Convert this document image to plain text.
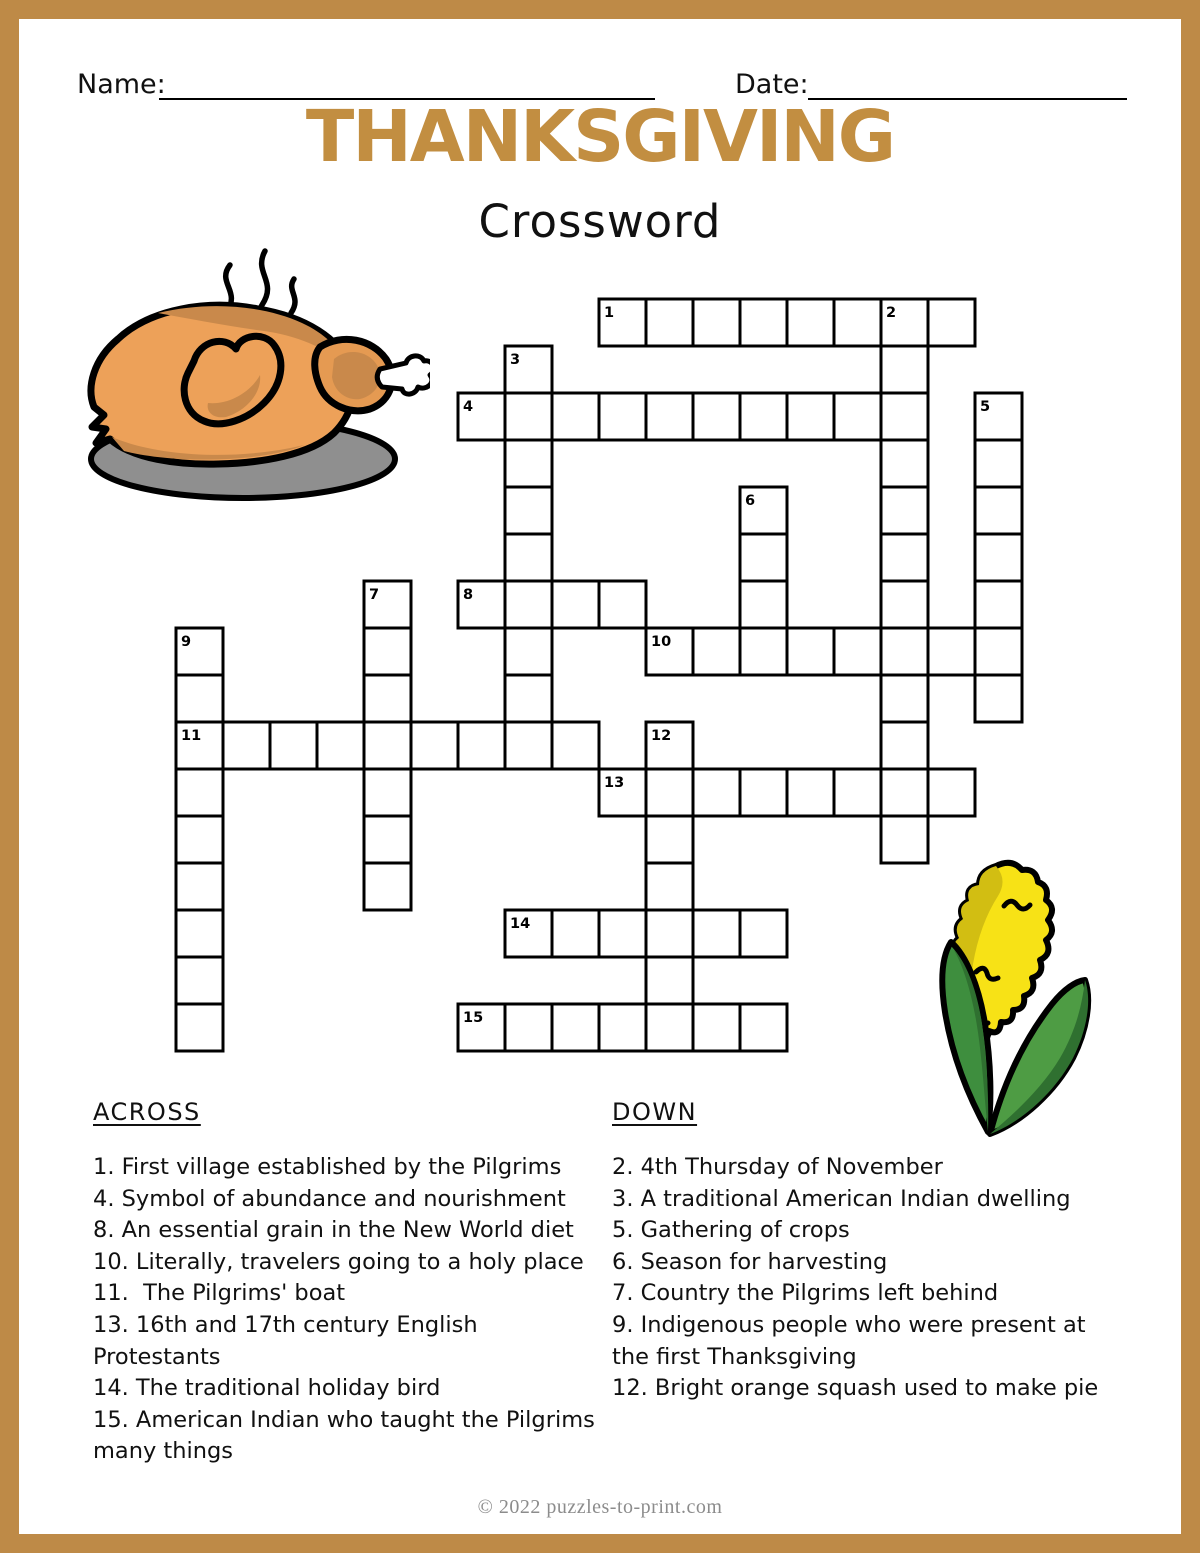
Name:	Date:
THANKSGIVING
Crossword
1	2
3
4	5
6
7	8
9	10
11	12
13
14
15
ACROSS
1. First village established by the Pilgrims
4. Symbol of abundance and nourishment
8. An essential grain in the New World diet
10. Literally, travelers going to a holy place
11.  The Pilgrims' boat
13. 16th and 17th century English
Protestants
14. The traditional holiday bird
15. American Indian who taught the Pilgrims
many things
DOWN
2. 4th Thursday of November
3. A traditional American Indian dwelling
5. Gathering of crops
6. Season for harvesting
7. Country the Pilgrims left behind
9. Indigenous people who were present at
the first Thanksgiving
12. Bright orange squash used to make pie
© 2022 puzzles-to-print.com
